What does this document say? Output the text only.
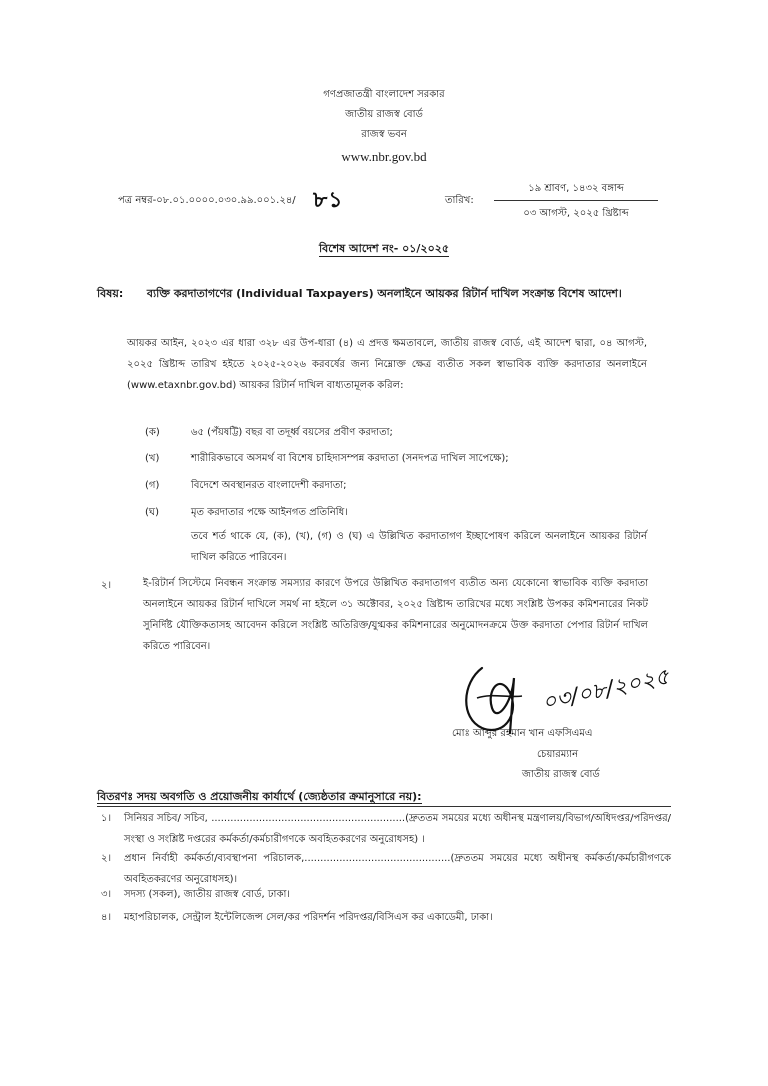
গণপ্রজাতন্ত্রী বাংলাদেশ সরকার
জাতীয় রাজস্ব বোর্ড
রাজস্ব ভবন
www.nbr.gov.bd
পত্র নম্বর-০৮.০১.০০০০.০৩০.৯৯.০০১.২৪/ ৮১	তারিখ:
১৯ শ্রাবণ, ১৪৩২ বঙ্গাব্দ
০৩ আগস্ট, ২০২৫ খ্রিষ্টাব্দ
বিশেষ আদেশ নং- ০১/২০২৫
বিষয়: ব্যক্তি করদাতাগণের (Individual Taxpayers) অনলাইনে আয়কর রিটার্ন দাখিল সংক্রান্ত বিশেষ আদেশ।
আয়কর আইন, ২০২৩ এর ধারা ৩২৮ এর উপ-ধারা (৪) এ প্রদত্ত ক্ষমতাবলে, জাতীয় রাজস্ব বোর্ড, এই আদেশ দ্বারা, ০৪ আগস্ট, ২০২৫ খ্রিষ্টাব্দ তারিখ হইতে ২০২৫-২০২৬ করবর্ষের জন্য নিম্নোক্ত ক্ষেত্র ব্যতীত সকল স্বাভাবিক ব্যক্তি করদাতার অনলাইনে (www.etaxnbr.gov.bd) আয়কর রিটার্ন দাখিল বাধ্যতামূলক করিল:
(ক)	৬৫ (পঁয়ষট্টি) বছর বা তদূর্ধ্ব বয়সের প্রবীণ করদাতা;
(খ)	শারীরিকভাবে অসমর্থ বা বিশেষ চাহিদাসম্পন্ন করদাতা (সনদপত্র দাখিল সাপেক্ষে);
(গ)	বিদেশে অবস্থানরত বাংলাদেশী করদাতা;
(ঘ)	মৃত করদাতার পক্ষে আইনগত প্রতিনিধি।
তবে শর্ত থাকে যে, (ক), (খ), (গ) ও (ঘ) এ উল্লিখিত করদাতাগণ ইচ্ছাপোষণ করিলে অনলাইনে আয়কর রিটার্ন দাখিল করিতে পারিবেন।
২।	ই-রিটার্ন সিস্টেমে নিবন্ধন সংক্রান্ত সমস্যার কারণে উপরে উল্লিখিত করদাতাগণ ব্যতীত অন্য যেকোনো স্বাভাবিক ব্যক্তি করদাতা অনলাইনে আয়কর রিটার্ন দাখিলে সমর্থ না হইলে ৩১ অক্টোবর, ২০২৫ খ্রিষ্টাব্দ তারিখের মধ্যে সংশ্লিষ্ট উপকর কমিশনারের নিকট সুনির্দিষ্ট যৌক্তিকতাসহ আবেদন করিলে সংশ্লিষ্ট অতিরিক্ত/যুগ্মকর কমিশনারের অনুমোদনক্রমে উক্ত করদাতা পেপার রিটার্ন দাখিল করিতে পারিবেন।
০৩/০৮/২০২৫
মোঃ আব্দুর রহমান খান এফসিএমএ
চেয়ারম্যান
জাতীয় রাজস্ব বোর্ড
বিতরণঃ সদয় অবগতি ও প্রয়োজনীয় কার্যার্থে (জ্যেষ্ঠতার ক্রমানুসারে নয়):
১। সিনিয়র সচিব/ সচিব, .............................................................(দ্রুততম সময়ের মধ্যে অধীনস্থ মন্ত্রণালয়/বিভাগ/অধিদপ্তর/পরিদপ্তর/সংস্থা ও সংশ্লিষ্ট দপ্তরের কর্মকর্তা/কর্মচারীগণকে অবহিতকরণের অনুরোধসহ) ।
২। প্রধান নির্বাহী কর্মকর্তা/ব্যবস্থাপনা পরিচালক,..............................................(দ্রুততম সময়ের মধ্যে অধীনস্থ কর্মকর্তা/কর্মচারীগণকে অবহিতকরণের অনুরোধসহ)।
৩। সদস্য (সকল), জাতীয় রাজস্ব বোর্ড, ঢাকা।
৪। মহাপরিচালক, সেন্ট্রাল ইন্টেলিজেন্স সেল/কর পরিদর্শন পরিদপ্তর/বিসিএস কর একাডেমী, ঢাকা।
